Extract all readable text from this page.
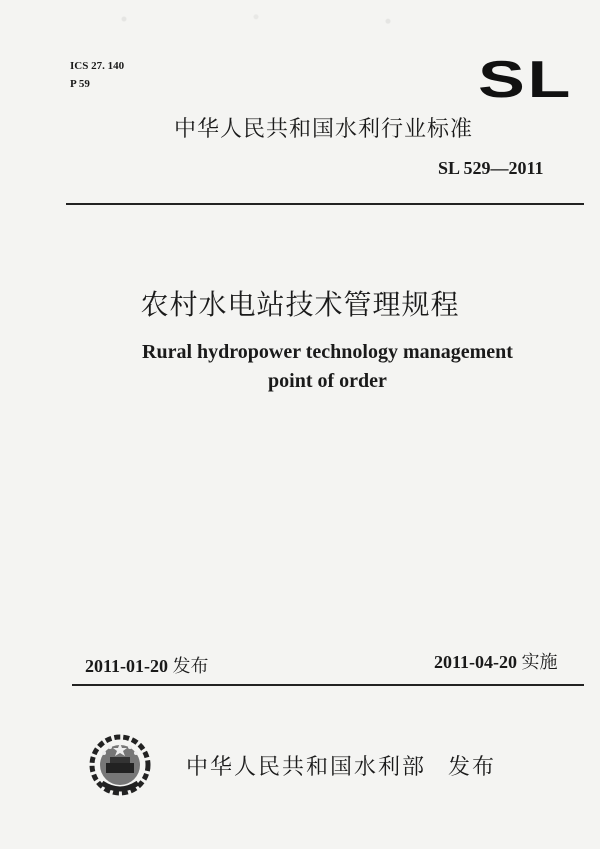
ICS 27. 140
P 59	SL
中华人民共和国水利行业标准
SL 529—2011
农村水电站技术管理规程
Rural hydropower technology management
point of order
2011-01-20 发布	2011-04-20 实施
中华人民共和国水利部 发布
